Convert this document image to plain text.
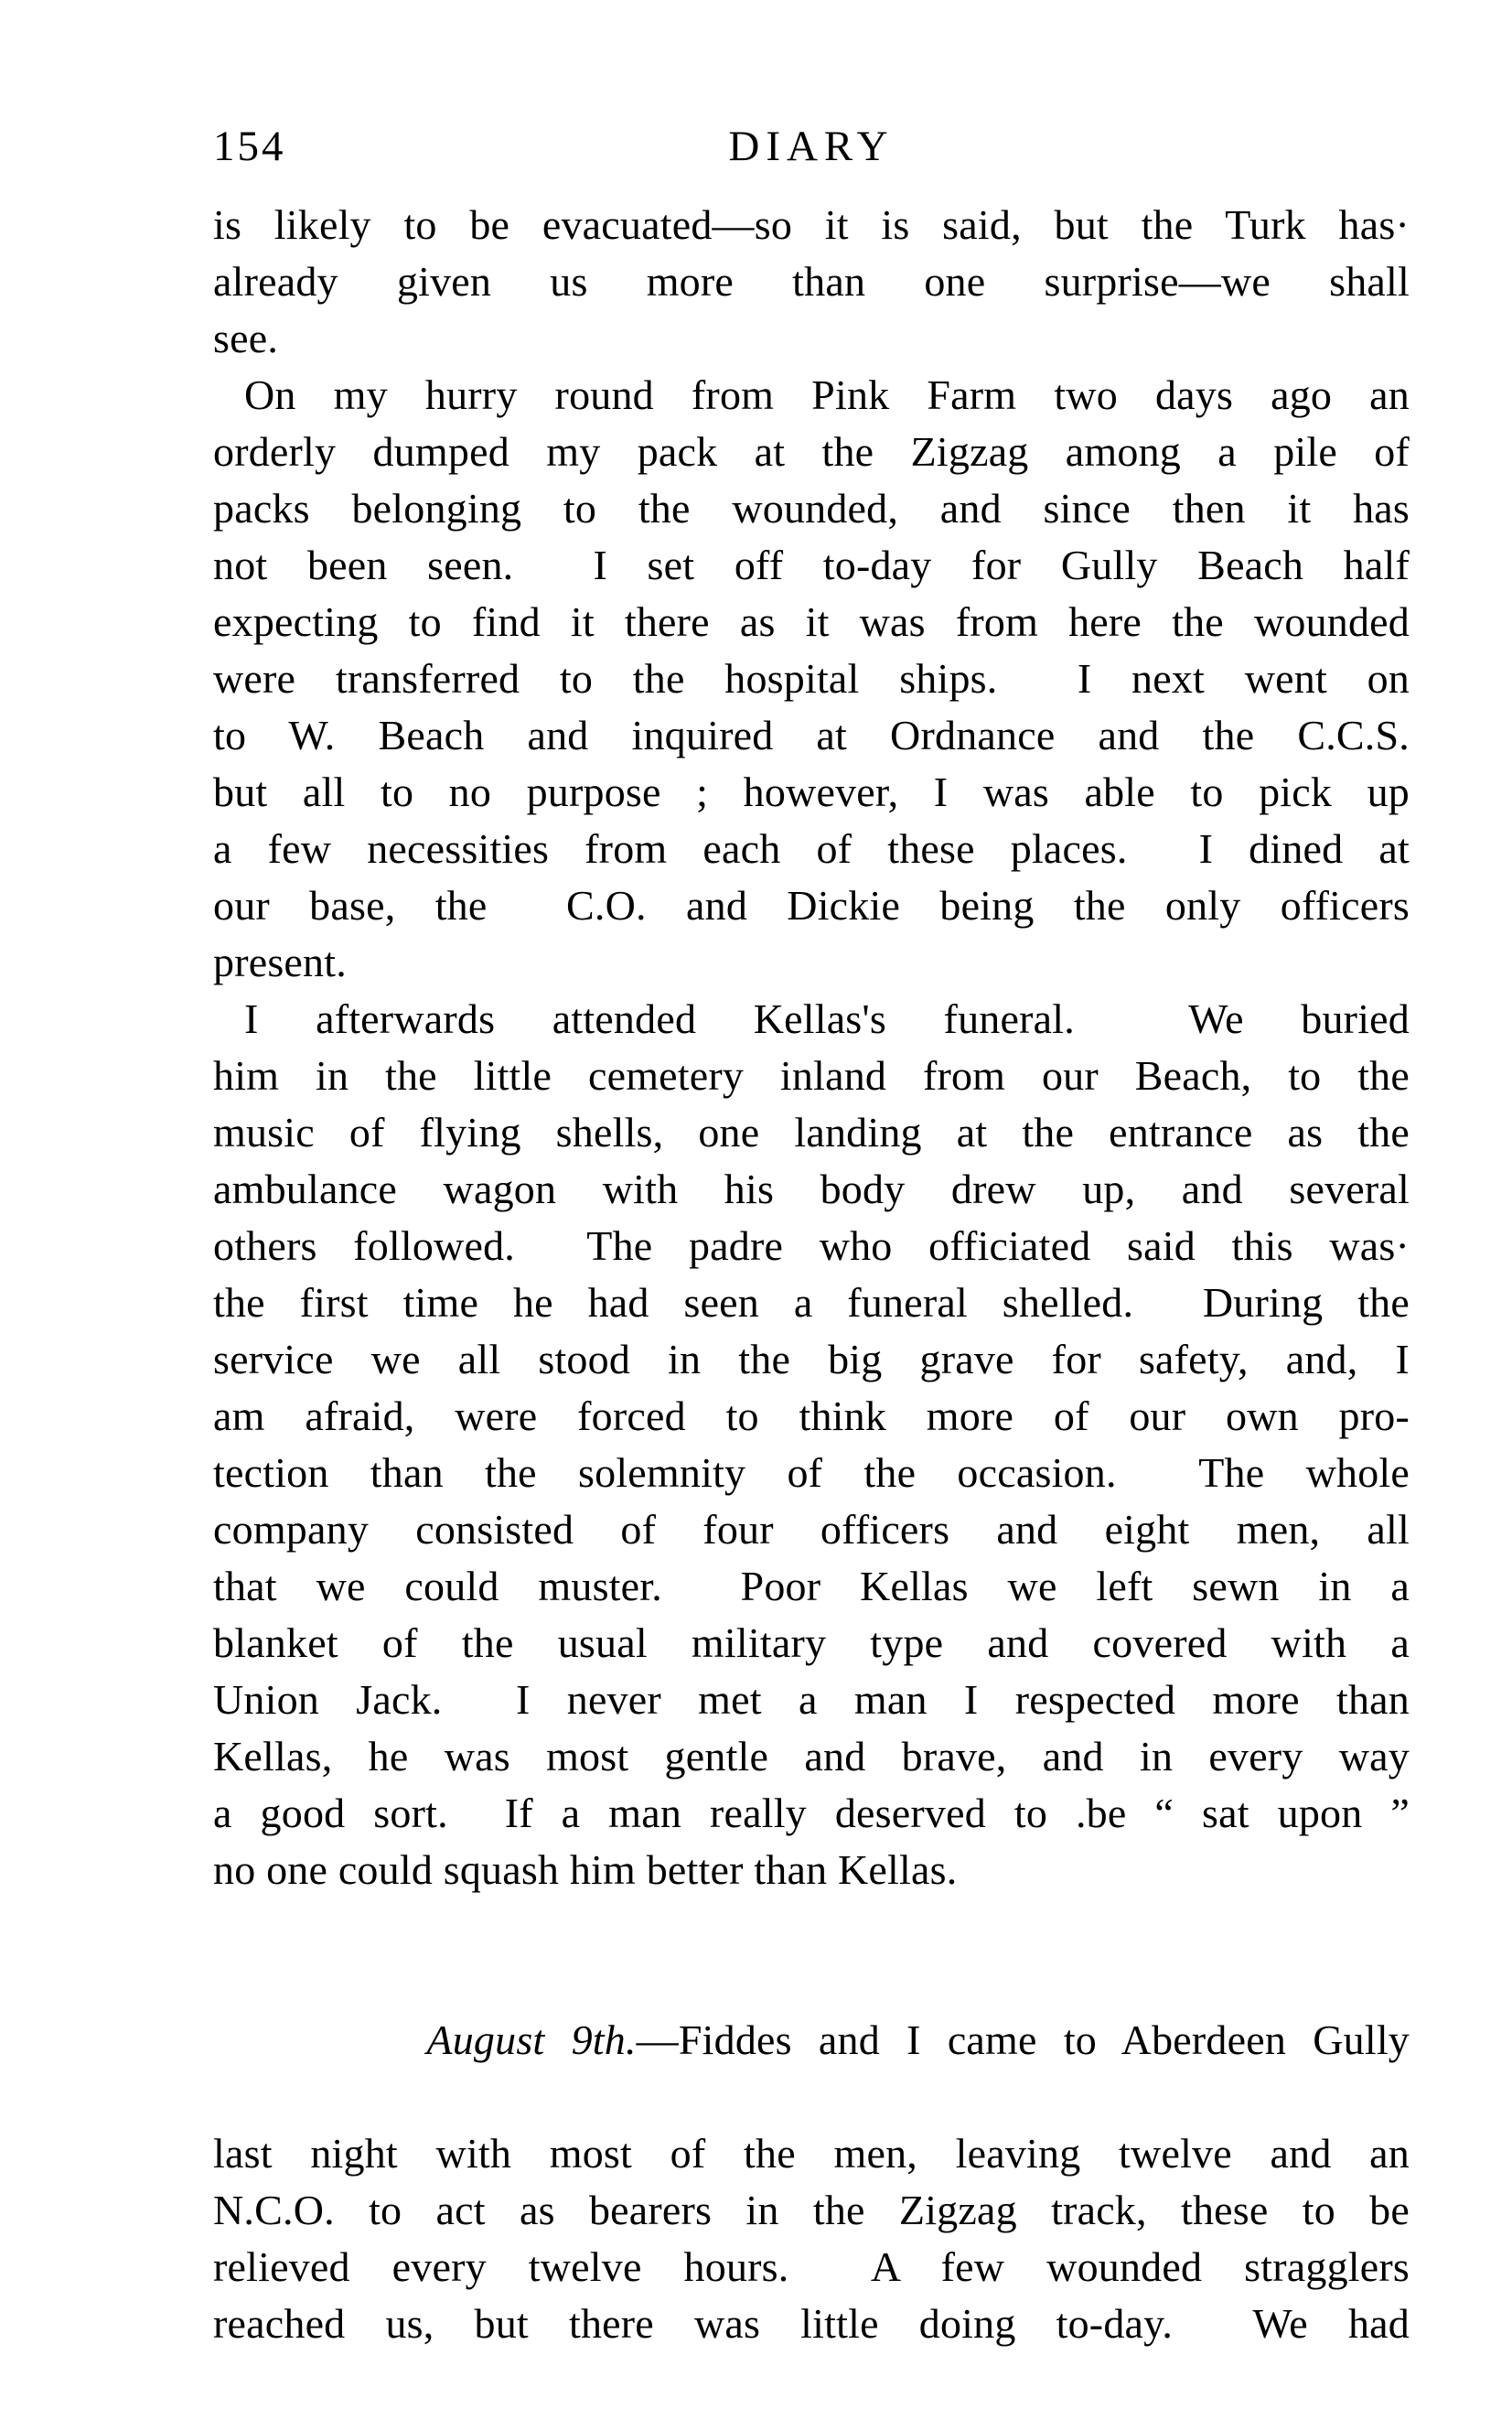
154	DIARY
is likely to be evacuated—so it is said, but the Turk has·
already given us more than one surprise—we shall
see.
On my hurry round from Pink Farm two days ago an
orderly dumped my pack at the Zigzag among a pile of
packs belonging to the wounded, and since then it has
not been seen.  I set off to-day for Gully Beach half
expecting to find it there as it was from here the wounded
were transferred to the hospital ships.  I next went on
to W. Beach and inquired at Ordnance and the C.C.S.
but all to no purpose ; however, I was able to pick up
a few necessities from each of these places.  I dined at
our base, the  C.O. and Dickie being the only officers
present.
I afterwards attended Kellas's funeral.  We buried
him in the little cemetery inland from our Beach, to the
music of flying shells, one landing at the entrance as the
ambulance wagon with his body drew up, and several
others followed.  The padre who officiated said this was·
the first time he had seen a funeral shelled.  During the
service we all stood in the big grave for safety, and, I
am afraid, were forced to think more of our own pro-
tection than the solemnity of the occasion.  The whole
company consisted of four officers and eight men, all
that we could muster.  Poor Kellas we left sewn in a
blanket of the usual military type and covered with a
Union Jack.  I never met a man I respected more than
Kellas, he was most gentle and brave, and in every way
a good sort.  If a man really deserved to .be “ sat upon ”
no one could squash him better than Kellas.

August 9th.—Fiddes and I came to Aberdeen Gully

last night with most of the men, leaving twelve and an
N.C.O. to act as bearers in the Zigzag track, these to be
relieved every twelve hours.  A few wounded stragglers
reached us, but there was little doing to-day.  We had
